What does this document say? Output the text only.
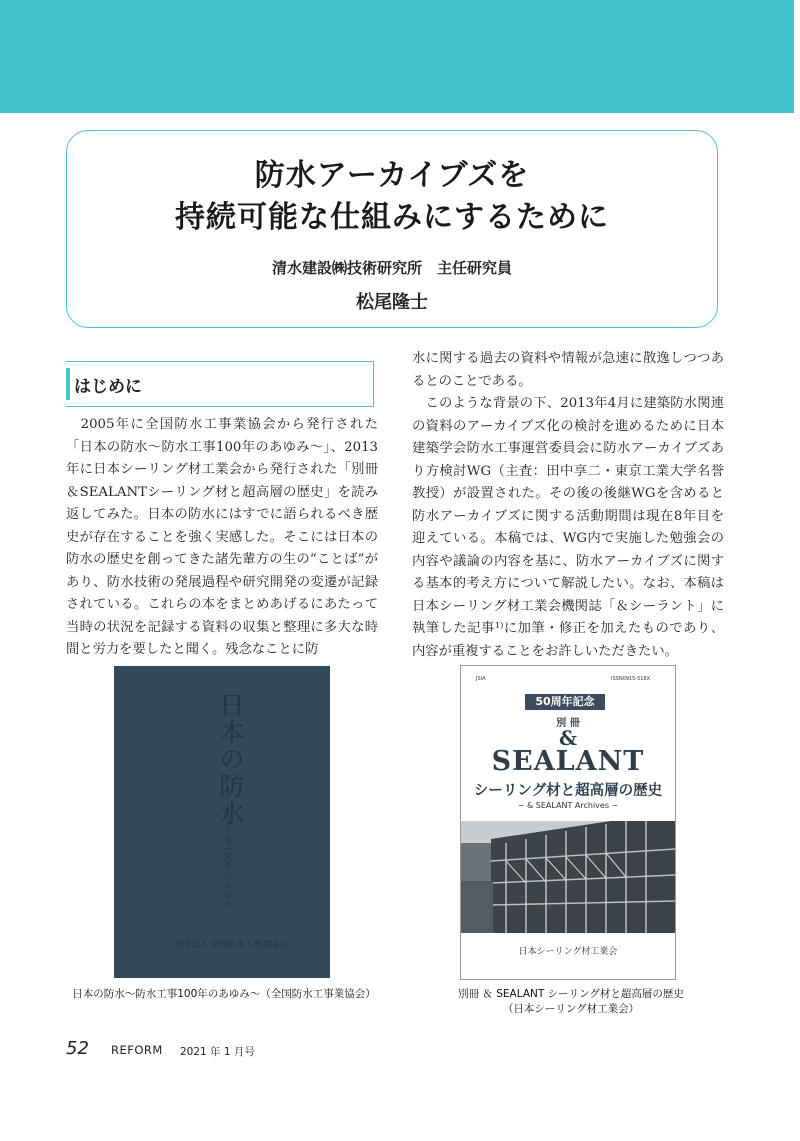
防水アーカイブズを
持続可能な仕組みにするために
清水建設㈱技術研究所　主任研究員
松尾隆士
はじめに
　2005年に全国防水工事業協会から発行された「日本の防水〜防水工事100年のあゆみ〜」、2013年に日本シーリング材工業会から発行された「別冊＆SEALANTシーリング材と超高層の歴史」を読み返してみた。日本の防水にはすでに語られるべき歴史が存在することを強く実感した。そこには日本の防水の歴史を創ってきた諸先輩方の生の“ことば”があり、防水技術の発展過程や研究開発の変遷が記録されている。これらの本をまとめあげるにあたって当時の状況を記録する資料の収集と整理に多大な時間と労力を要したと聞く。残念なことに防
水に関する過去の資料や情報が急速に散逸しつつあるとのことである。
　このような背景の下、2013年4月に建築防水関連の資料のアーカイブズ化の検討を進めるために日本建築学会防水工事運営委員会に防水アーカイブズあり方検討WG（主査：田中享二・東京工業大学名誉教授）が設置された。その後の後継WGを含めると防水アーカイブズに関する活動期間は現在8年目を迎えている。本稿では、WG内で実施した勉強会の内容や議論の内容を基に、防水アーカイブズに関する基本的考え方について解説したい。なお、本稿は日本シーリング材工業会機関誌「＆シーラント」に執筆した記事¹⁾に加筆・修正を加えたものであり、内容が重複することをお許しいただきたい。
日本の防水
〜防水工事100年のあゆみ〜
社団法人 全国防水工事業協会
JSIA	ISSN0915-518X
50周年記念
別 冊
&
SEALANT
シーリング材と超高層の歴史
− & SEALANT Archives −
日本シーリング材工業会
日本の防水〜防水工事100年のあゆみ〜（全国防水工事業協会）	別冊 ＆ SEALANT シーリング材と超高層の歴史
（日本シーリング材工業会）
52 REFORM 2021 年 1 月号
